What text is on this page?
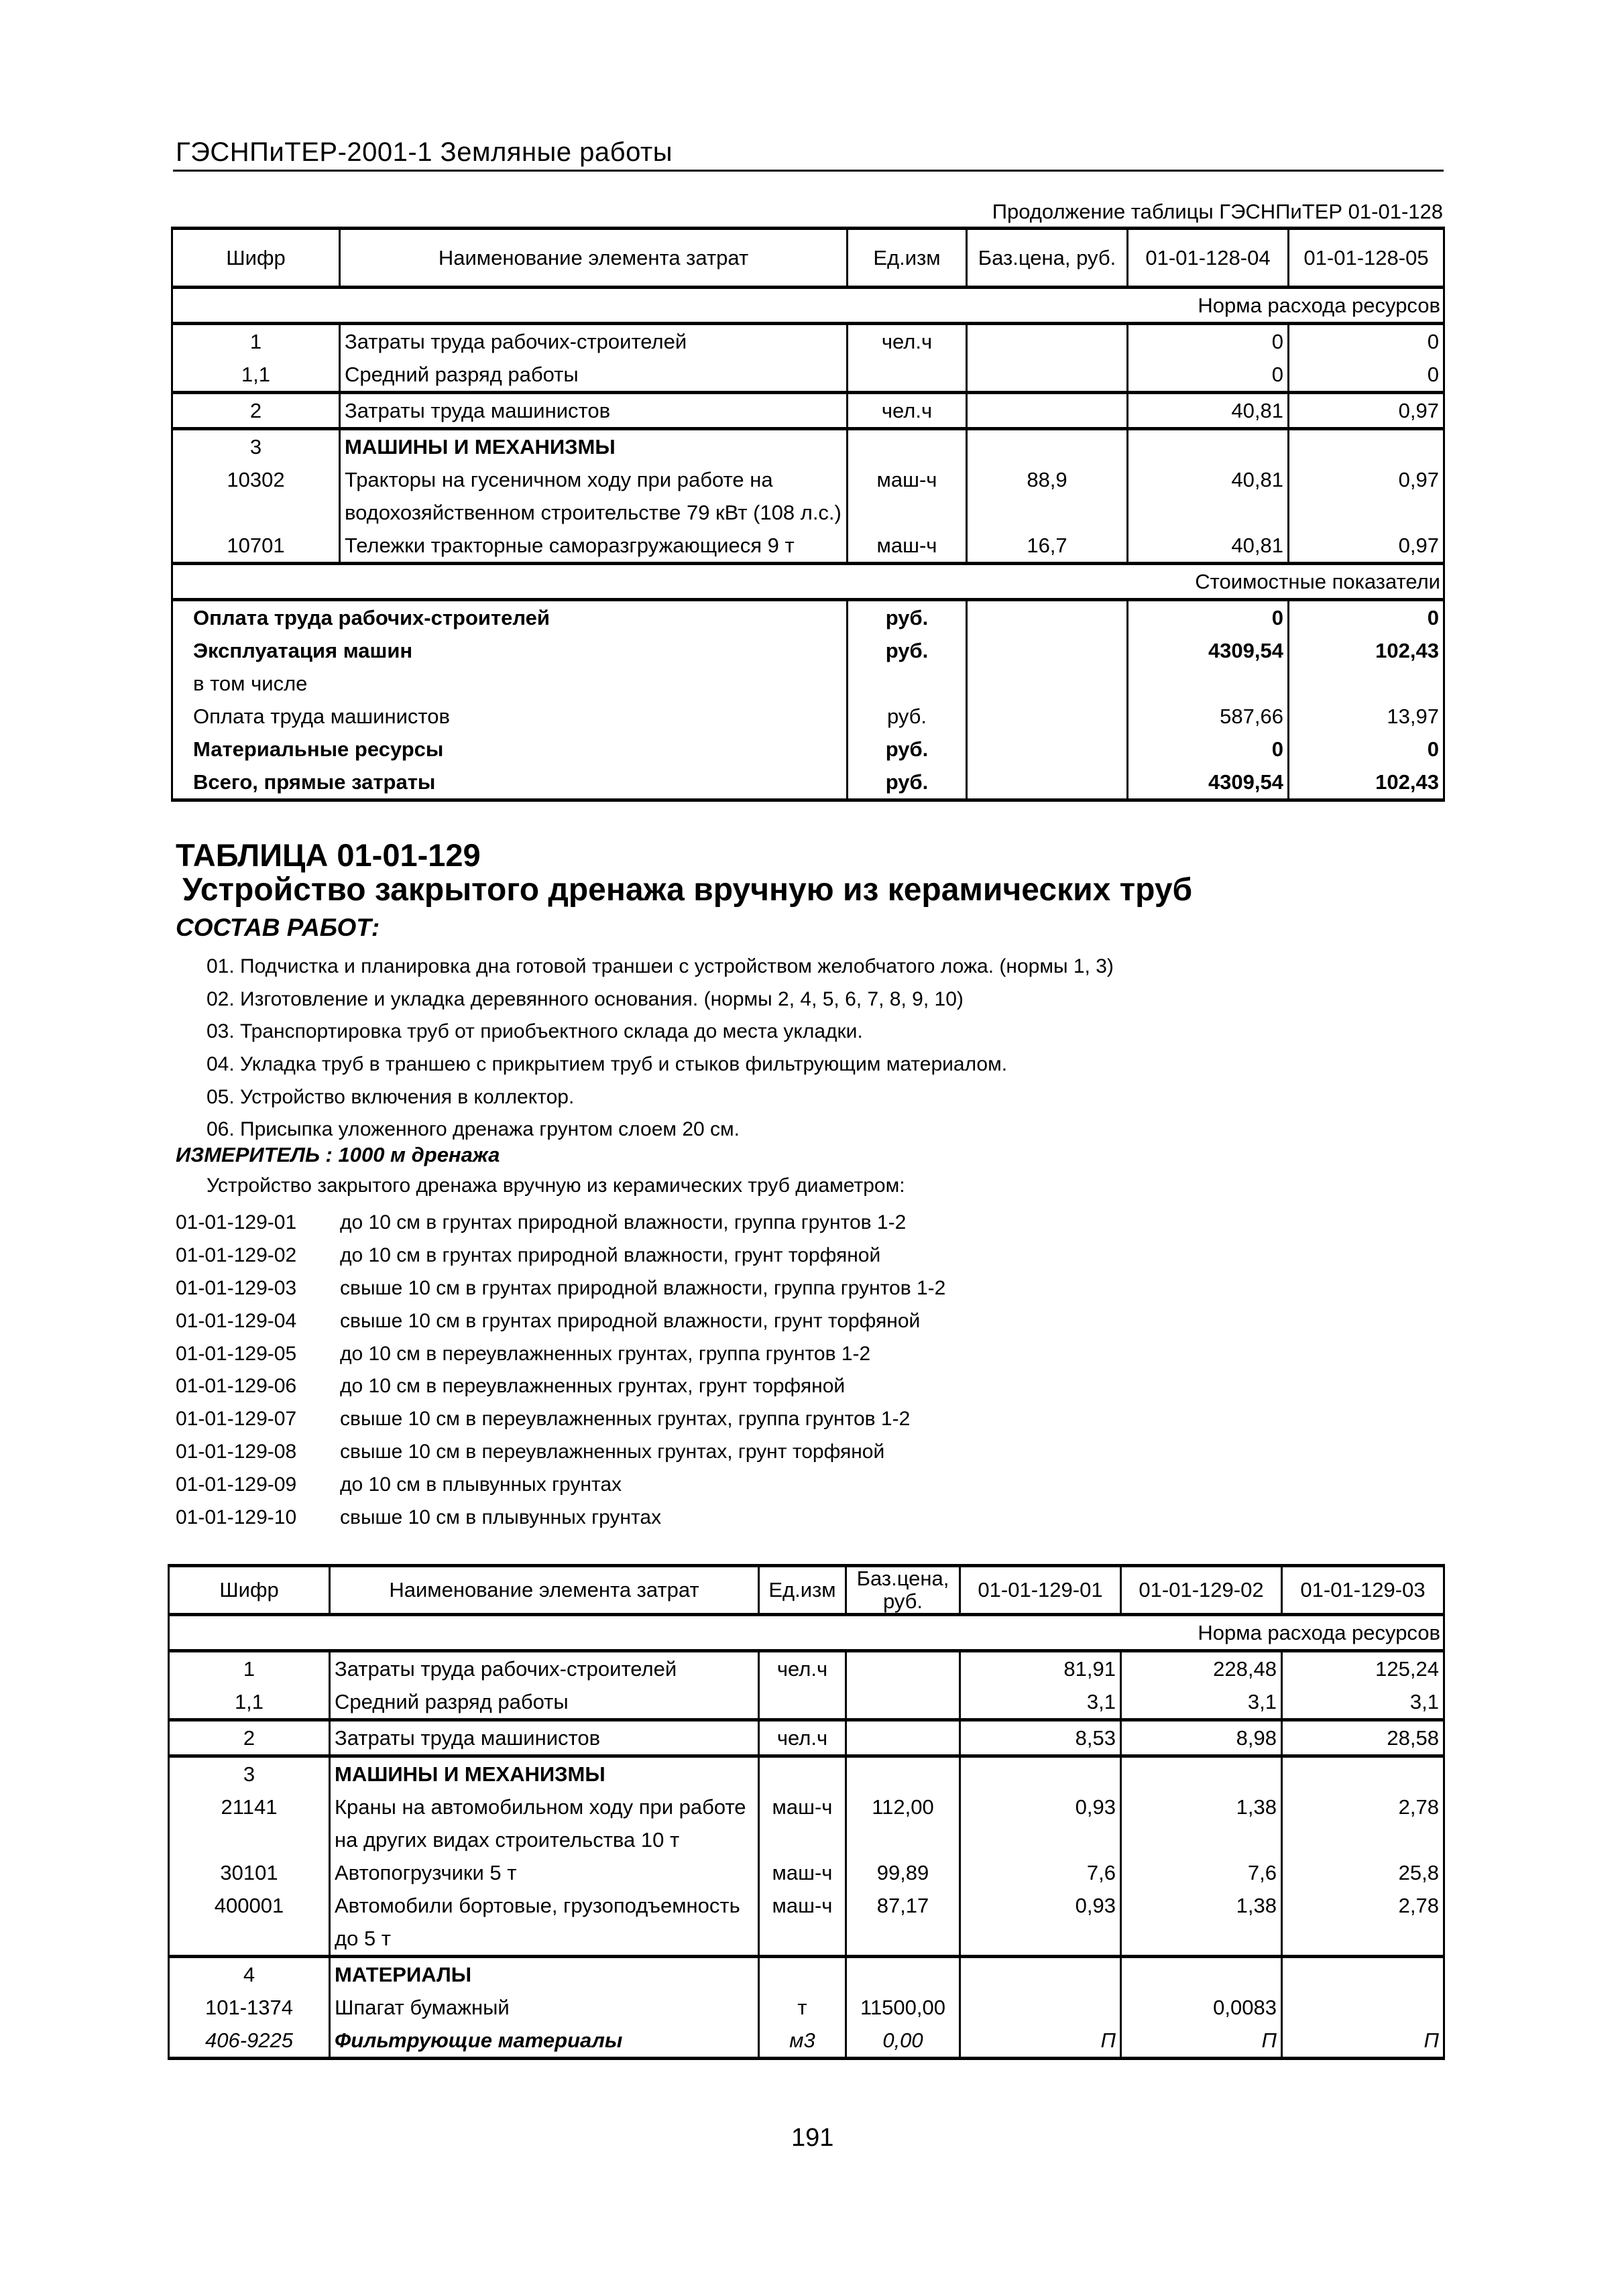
ГЭСНПиТЕР-2001-1 Земляные работы
Продолжение таблицы ГЭСНПиТЕР 01-01-128
Шифр	Наименование элемента затрат	Ед.изм	Баз.цена, руб.	01-01-128-04	01-01-128-05
Норма расхода ресурсов					
1	Затраты труда рабочих-строителей	чел.ч		0	0
1,1	Средний разряд работы			0	0
2	Затраты труда машинистов	чел.ч		40,81	0,97
3	МАШИНЫ И МЕХАНИЗМЫ				
10302	Тракторы на гусеничном ходу при работе на водохозяйственном строительстве 79 кВт (108 л.с.)	маш-ч	88,9	40,81	0,97
10701	Тележки тракторные саморазгружающиеся 9 т	маш-ч	16,7	40,81	0,97
Стоимостные показатели					
Оплата труда рабочих-строителей		руб.		0	0
Эксплуатация машин		руб.		4309,54	102,43
в том числе					
Оплата труда машинистов		руб.		587,66	13,97
Материальные ресурсы		руб.		0	0
Всего, прямые затраты		руб.		4309,54	102,43
ТАБЛИЦА 01-01-129
Устройство закрытого дренажа вручную из керамических труб
СОСТАВ РАБОТ:
01. Подчистка и планировка дна готовой траншеи с устройством желобчатого ложа. (нормы 1, 3)
02. Изготовление и укладка деревянного основания. (нормы 2, 4, 5, 6, 7, 8, 9, 10)
03. Транспортировка труб от приобъектного склада до места укладки.
04. Укладка труб в траншею с прикрытием труб и стыков фильтрующим материалом.
05. Устройство включения в коллектор.
06. Присыпка уложенного дренажа грунтом слоем 20 см.
ИЗМЕРИТЕЛЬ : 1000 м дренажа
Устройство закрытого дренажа вручную из керамических труб диаметром:
01-01-129-01 до 10 см в грунтах природной влажности, группа грунтов 1-2
01-01-129-02 до 10 см в грунтах природной влажности, грунт торфяной
01-01-129-03 свыше 10 см в грунтах природной влажности, группа грунтов 1-2
01-01-129-04 свыше 10 см в грунтах природной влажности, грунт торфяной
01-01-129-05 до 10 см в переувлажненных грунтах, группа грунтов 1-2
01-01-129-06 до 10 см в переувлажненных грунтах, грунт торфяной
01-01-129-07 свыше 10 см в переувлажненных грунтах, группа грунтов 1-2
01-01-129-08 свыше 10 см в переувлажненных грунтах, грунт торфяной
01-01-129-09 до 10 см в плывунных грунтах
01-01-129-10 свыше 10 см в плывунных грунтах
Шифр	Наименование элемента затрат	Ед.изм	Баз.цена, руб.	01-01-129-01	01-01-129-02	01-01-129-03
Норма расхода ресурсов						
1	Затраты труда рабочих-строителей	чел.ч		81,91	228,48	125,24
1,1	Средний разряд работы			3,1	3,1	3,1
2	Затраты труда машинистов	чел.ч		8,53	8,98	28,58
3	МАШИНЫ И МЕХАНИЗМЫ					
21141	Краны на автомобильном ходу при работе на других видах строительства 10 т	маш-ч	112,00	0,93	1,38	2,78
30101	Автопогрузчики 5 т	маш-ч	99,89	7,6	7,6	25,8
400001	Автомобили бортовые, грузоподъемность до 5 т	маш-ч	87,17	0,93	1,38	2,78
4	МАТЕРИАЛЫ					
101-1374	Шпагат бумажный	т	11500,00		0,0083	
406-9225	Фильтрующие материалы	м3	0,00	П	П	П
191
